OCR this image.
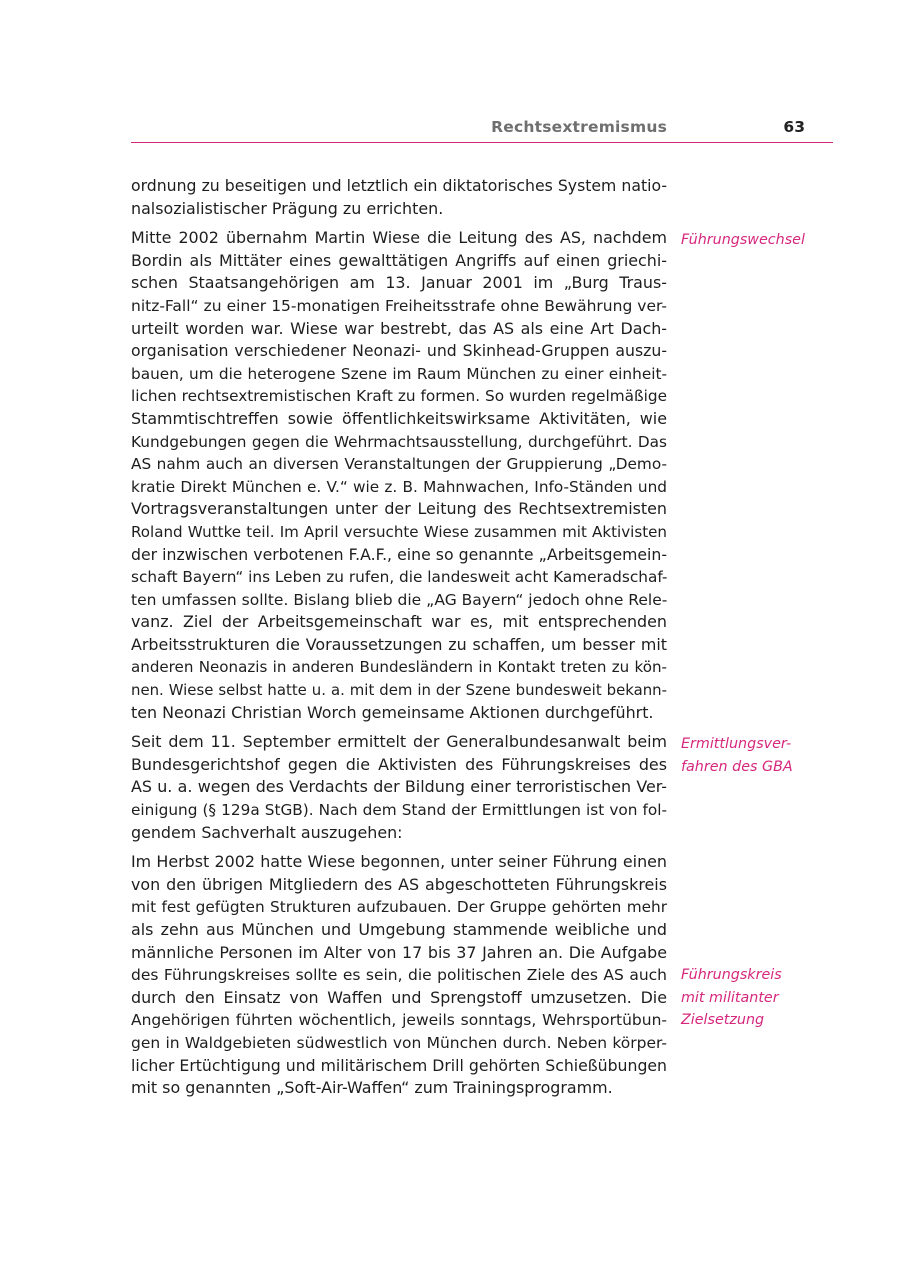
Rechtsextremismus	63

ordnung zu beseitigen und letztlich ein diktatorisches System natio-
nalsozialistischer Prägung zu errichten.

Mitte 2002 übernahm Martin Wiese die Leitung des AS, nachdem
Bordin als Mittäter eines gewalttätigen Angriffs auf einen griechi-
schen Staatsangehörigen am 13. Januar 2001 im „Burg Traus-
nitz-Fall“ zu einer 15-monatigen Freiheitsstrafe ohne Bewährung ver-
urteilt worden war. Wiese war bestrebt, das AS als eine Art Dach-
organisation verschiedener Neonazi- und Skinhead-Gruppen auszu-
bauen, um die heterogene Szene im Raum München zu einer einheit-
lichen rechtsextremistischen Kraft zu formen. So wurden regelmäßige
Stammtischtreffen sowie öffentlichkeitswirksame Aktivitäten, wie
Kundgebungen gegen die Wehrmachtsausstellung, durchgeführt. Das
AS nahm auch an diversen Veranstaltungen der Gruppierung „Demo-
kratie Direkt München e. V.“ wie z. B. Mahnwachen, Info-Ständen und
Vortragsveranstaltungen unter der Leitung des Rechtsextremisten
Roland Wuttke teil. Im April versuchte Wiese zusammen mit Aktivisten
der inzwischen verbotenen F.A.F., eine so genannte „Arbeitsgemein-
schaft Bayern“ ins Leben zu rufen, die landesweit acht Kameradschaf-
ten umfassen sollte. Bislang blieb die „AG Bayern“ jedoch ohne Rele-
vanz. Ziel der Arbeitsgemeinschaft war es, mit entsprechenden
Arbeitsstrukturen die Voraussetzungen zu schaffen, um besser mit
anderen Neonazis in anderen Bundesländern in Kontakt treten zu kön-
nen. Wiese selbst hatte u. a. mit dem in der Szene bundesweit bekann-
ten Neonazi Christian Worch gemeinsame Aktionen durchgeführt.

Seit dem 11. September ermittelt der Generalbundesanwalt beim
Bundesgerichtshof gegen die Aktivisten des Führungskreises des
AS u. a. wegen des Verdachts der Bildung einer terroristischen Ver-
einigung (§ 129a StGB). Nach dem Stand der Ermittlungen ist von fol-
gendem Sachverhalt auszugehen:

Im Herbst 2002 hatte Wiese begonnen, unter seiner Führung einen
von den übrigen Mitgliedern des AS abgeschotteten Führungskreis
mit fest gefügten Strukturen aufzubauen. Der Gruppe gehörten mehr
als zehn aus München und Umgebung stammende weibliche und
männliche Personen im Alter von 17 bis 37 Jahren an. Die Aufgabe
des Führungskreises sollte es sein, die politischen Ziele des AS auch
durch den Einsatz von Waffen und Sprengstoff umzusetzen. Die
Angehörigen führten wöchentlich, jeweils sonntags, Wehrsportübun-
gen in Waldgebieten südwestlich von München durch. Neben körper-
licher Ertüchtigung und militärischem Drill gehörten Schießübungen
mit so genannten „Soft-Air-Waffen“ zum Trainingsprogramm.

Führungswechsel
Ermittlungsver-
fahren des GBA
Führungskreis
mit militanter
Zielsetzung
